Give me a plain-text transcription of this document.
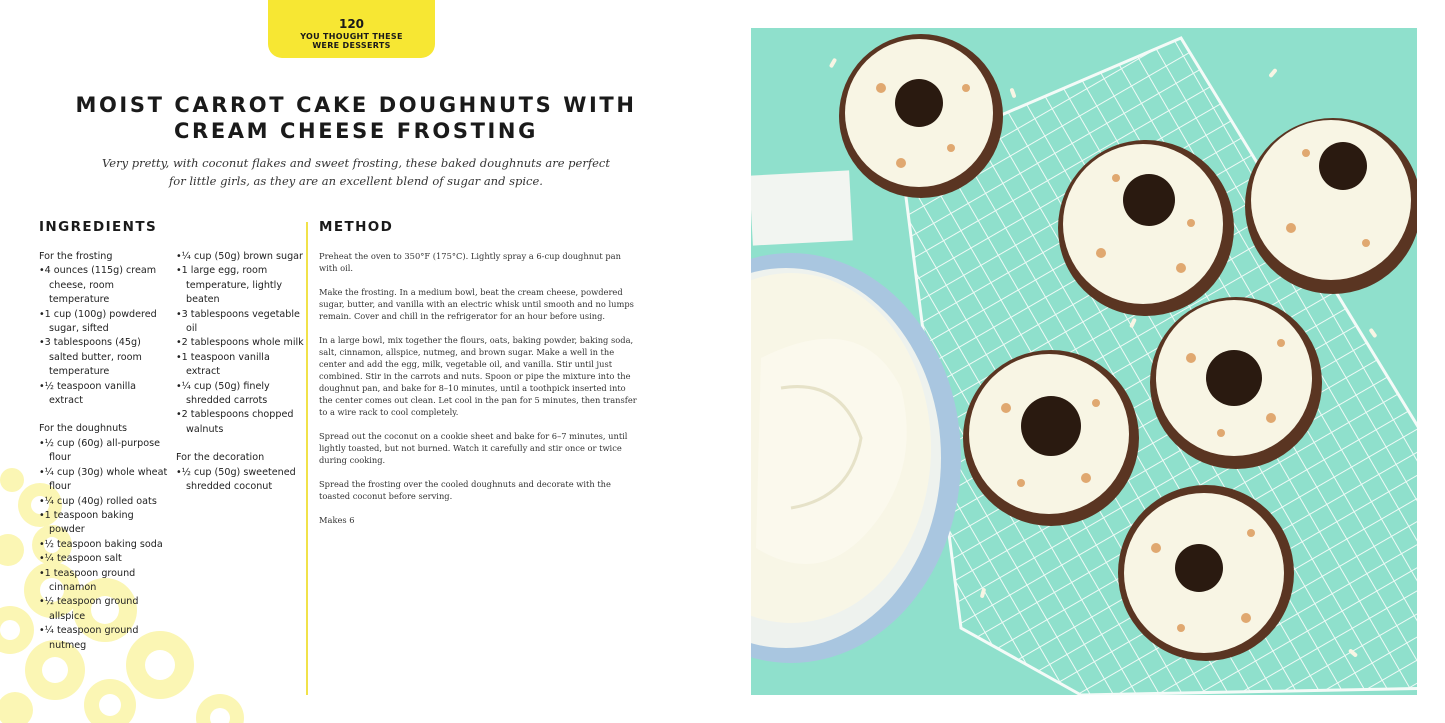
120
YOU THOUGHT THESE WERE DESSERTS
MOIST CARROT CAKE DOUGHNUTS WITH
CREAM CHEESE FROSTING

Very pretty, with coconut flakes and sweet frosting, these baked doughnuts are perfect for little girls, as they are an excellent blend of sugar and spice.

INGREDIENTS	METHOD
For the frosting
•4 ounces (115g) cream cheese, room temperature
•1 cup (100g) powdered sugar, sifted
•3 tablespoons (45g) salted butter, room temperature
•½ teaspoon vanilla extract
For the doughnuts
•½ cup (60g) all-purpose flour
•¼ cup (30g) whole wheat flour
•¼ cup (40g) rolled oats
•1 teaspoon baking powder
•½ teaspoon baking soda
•¼ teaspoon salt
•1 teaspoon ground cinnamon
•½ teaspoon ground allspice
•¼ teaspoon ground nutmeg
•¼ cup (50g) brown sugar
•1 large egg, room temperature, lightly beaten
•3 tablespoons vegetable oil
•2 tablespoons whole milk
•1 teaspoon vanilla extract
•¼ cup (50g) finely shredded carrots
•2 tablespoons chopped walnuts
For the decoration
•½ cup (50g) sweetened shredded coconut

Preheat the oven to 350°F (175°C). Lightly spray a 6-cup doughnut pan with oil.

Make the frosting. In a medium bowl, beat the cream cheese, powdered sugar, butter, and vanilla with an electric whisk until smooth and no lumps remain. Cover and chill in the refrigerator for an hour before using.

In a large bowl, mix together the flours, oats, baking powder, baking soda, salt, cinnamon, allspice, nutmeg, and brown sugar. Make a well in the center and add the egg, milk, vegetable oil, and vanilla. Stir until just combined. Stir in the carrots and nuts. Spoon or pipe the mixture into the doughnut pan, and bake for 8–10 minutes, until a toothpick inserted into the center comes out clean. Let cool in the pan for 5 minutes, then transfer to a wire rack to cool completely.

Spread out the coconut on a cookie sheet and bake for 6–7 minutes, until lightly toasted, but not burned. Watch it carefully and stir once or twice during cooking.

Spread the frosting over the cooled doughnuts and decorate with the toasted coconut before serving.

Makes 6
